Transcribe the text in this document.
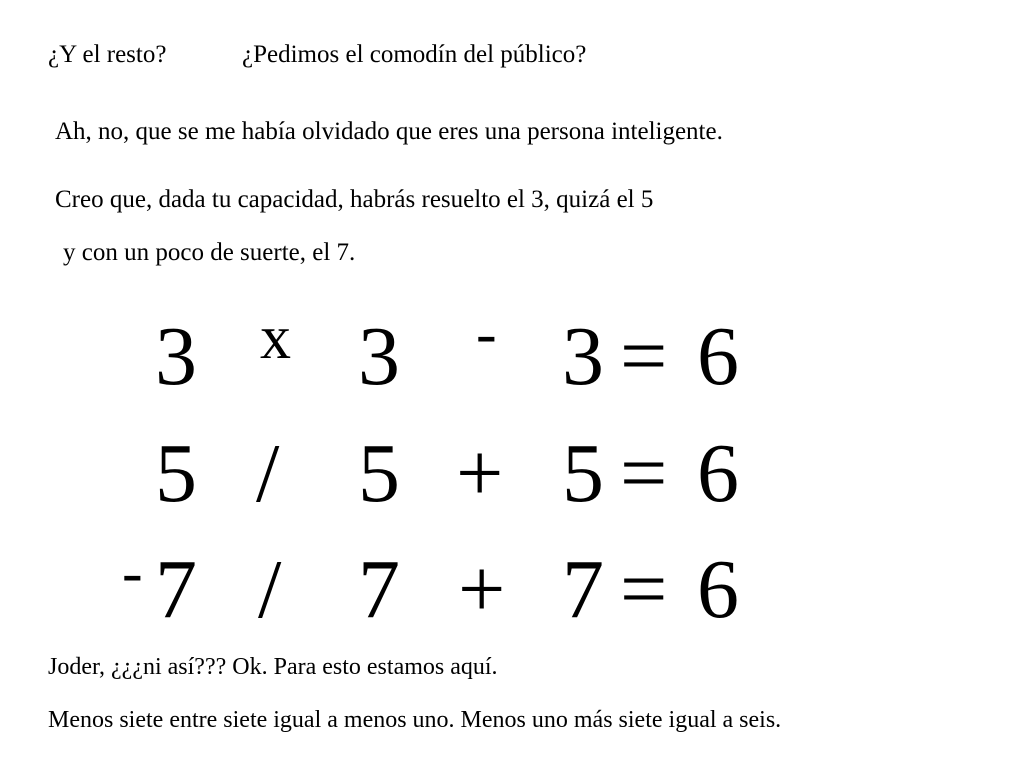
¿Y el resto?	¿Pedimos el comodín del público?
Ah, no, que se me había olvidado que eres una persona inteligente.
Creo que, dada tu capacidad, habrás resuelto el 3, quizá el 5
y con un poco de suerte, el 7.
3 x 3 - 3 = 6
5 / 5 + 5 = 6
- 7 / 7 + 7 = 6
Joder, ¿¿¿ni así??? Ok. Para esto estamos aquí.
Menos siete entre siete igual a menos uno. Menos uno más siete igual a seis.
